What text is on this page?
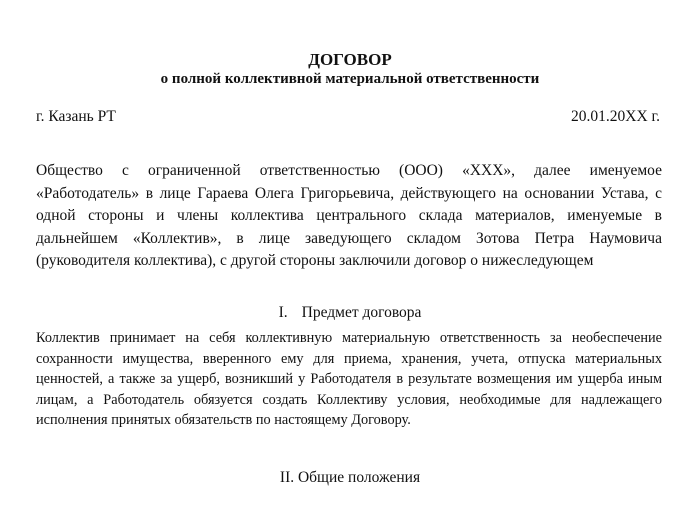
ДОГОВОР
о полной коллективной материальной ответственности
г. Казань РТ	20.01.20ХХ г.

Общество с ограниченной ответственностью (ООО) «ХХХ», далее именуемое «Работодатель» в лице Гараева Олега Григорьевича, действующего на основании Устава, с одной стороны и члены коллектива центрального склада материалов, именуемые в дальнейшем «Коллектив», в лице заведующего складом Зотова Петра Наумовича (руководителя коллектива), с другой стороны заключили договор о нижеследующем

I. Предмет договора

Коллектив принимает на себя коллективную материальную ответственность за необеспечение сохранности имущества, вверенного ему для приема, хранения, учета, отпуска материальных ценностей, а также за ущерб, возникший у Работодателя в результате возмещения им ущерба иным лицам, а Работодатель обязуется создать Коллективу условия, необходимые для надлежащего исполнения принятых обязательств по настоящему Договору.

II. Общие положения
